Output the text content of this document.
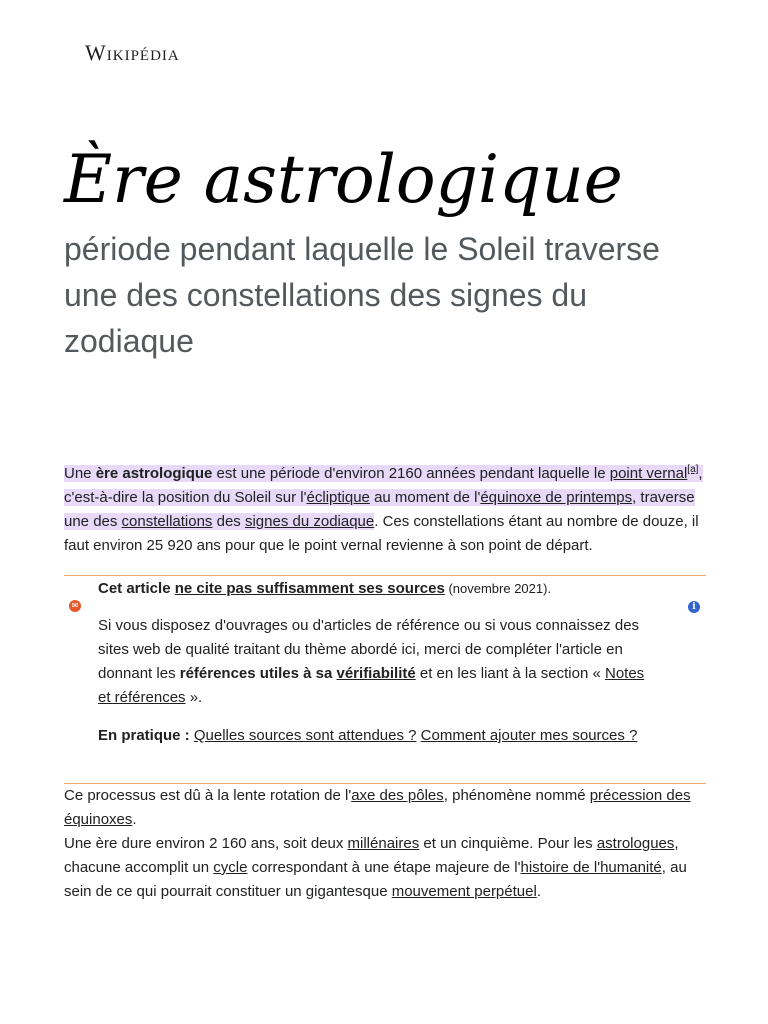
Wikipédia
Ère astrologique
période pendant laquelle le Soleil traverse une des constellations des signes du zodiaque

Une ère astrologique est une période d'environ 2160 années pendant laquelle le point vernal[a], c'est-à-dire la position du Soleil sur l'écliptique au moment de l'équinoxe de printemps, traverse une des constellations des signes du zodiaque. Ces constellations étant au nombre de douze, il faut environ 25 920 ans pour que le point vernal revienne à son point de départ.

✉	i

Cet article ne cite pas suffisamment ses sources (novembre 2021).

Si vous disposez d'ouvrages ou d'articles de référence ou si vous connaissez des sites web de qualité traitant du thème abordé ici, merci de compléter l'article en donnant les références utiles à sa vérifiabilité et en les liant à la section « Notes et références ».

En pratique : Quelles sources sont attendues ? Comment ajouter mes sources ?

Ce processus est dû à la lente rotation de l'axe des pôles, phénomène nommé précession des équinoxes.

Une ère dure environ 2 160 ans, soit deux millénaires et un cinquième. Pour les astrologues, chacune accomplit un cycle correspondant à une étape majeure de l'histoire de l'humanité, au sein de ce qui pourrait constituer un gigantesque mouvement perpétuel.
